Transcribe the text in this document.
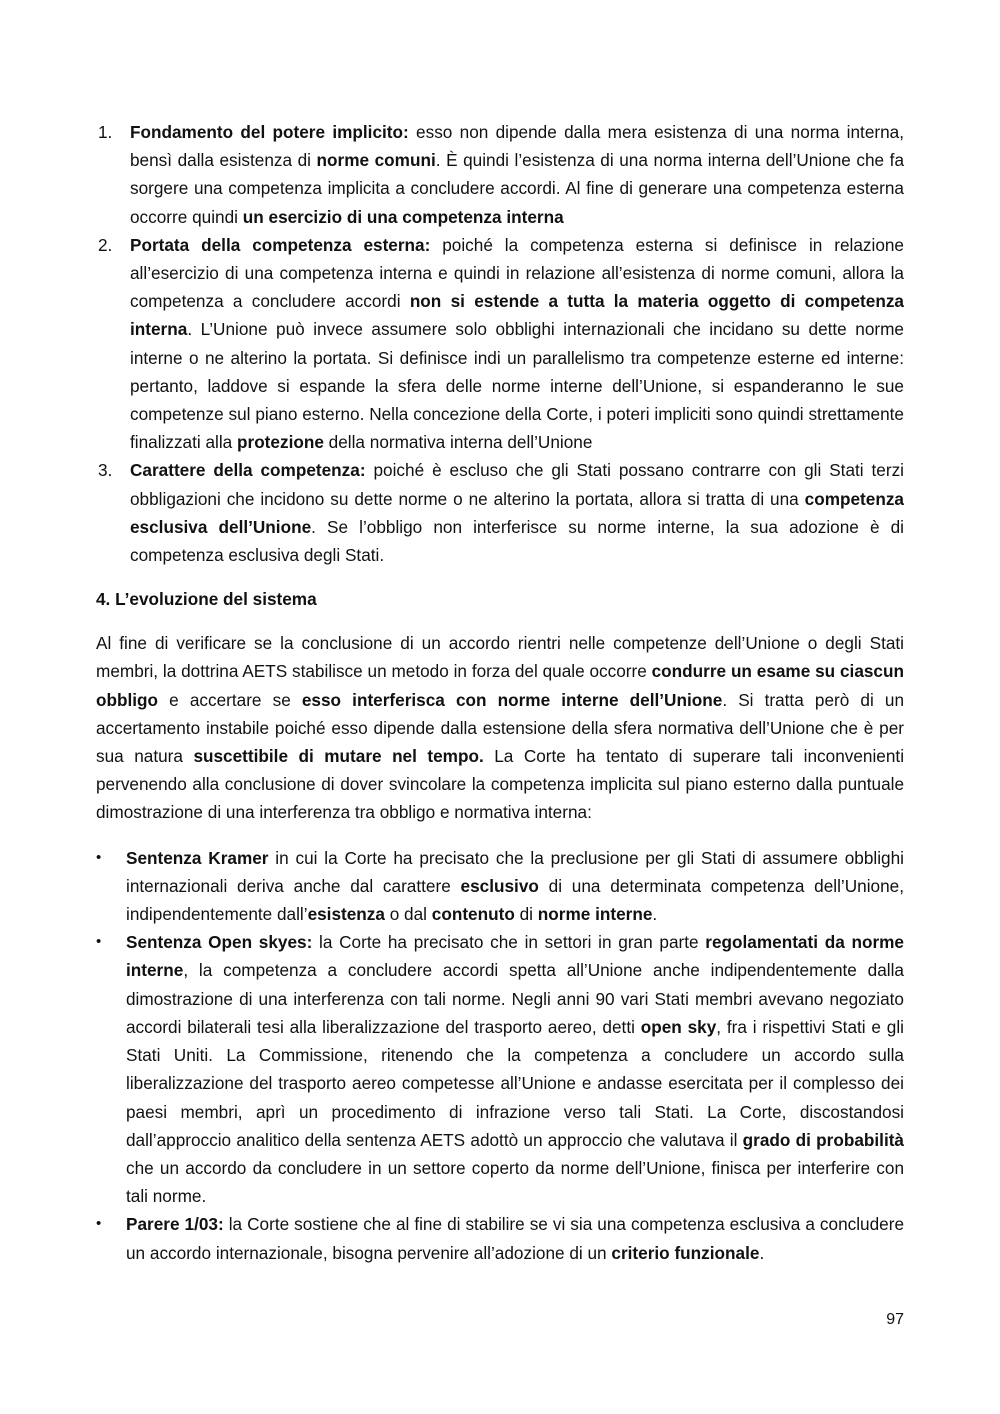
1.	Fondamento del potere implicito: esso non dipende dalla mera esistenza di una norma interna, bensì dalla esistenza di norme comuni. È quindi l’esistenza di una norma interna dell’Unione che fa sorgere una competenza implicita a concludere accordi. Al fine di generare una competenza esterna occorre quindi un esercizio di una competenza interna
2.	Portata della competenza esterna: poiché la competenza esterna si definisce in relazione all’esercizio di una competenza interna e quindi in relazione all’esistenza di norme comuni, allora la competenza a concludere accordi non si estende a tutta la materia oggetto di competenza interna. L’Unione può invece assumere solo obblighi internazionali che incidano su dette norme interne o ne alterino la portata. Si definisce indi un parallelismo tra competenze esterne ed interne: pertanto, laddove si espande la sfera delle norme interne dell’Unione, si espanderanno le sue competenze sul piano esterno. Nella concezione della Corte, i poteri impliciti sono quindi strettamente finalizzati alla protezione della normativa interna dell’Unione
3.	Carattere della competenza: poiché è escluso che gli Stati possano contrarre con gli Stati terzi obbligazioni che incidono su dette norme o ne alterino la portata, allora si tratta di una competenza esclusiva dell’Unione. Se l’obbligo non interferisce su norme interne, la sua adozione è di competenza esclusiva degli Stati.
4. L’evoluzione del sistema

Al fine di verificare se la conclusione di un accordo rientri nelle competenze dell’Unione o degli Stati membri, la dottrina AETS stabilisce un metodo in forza del quale occorre condurre un esame su ciascun obbligo e accertare se esso interferisca con norme interne dell’Unione. Si tratta però di un accertamento instabile poiché esso dipende dalla estensione della sfera normativa dell’Unione che è per sua natura suscettibile di mutare nel tempo. La Corte ha tentato di superare tali inconvenienti pervenendo alla conclusione di dover svincolare la competenza implicita sul piano esterno dalla puntuale dimostrazione di una interferenza tra obbligo e normativa interna:

•	Sentenza Kramer in cui la Corte ha precisato che la preclusione per gli Stati di assumere obblighi internazionali deriva anche dal carattere esclusivo di una determinata competenza dell’Unione, indipendentemente dall’esistenza o dal contenuto di norme interne.
•	Sentenza Open skyes: la Corte ha precisato che in settori in gran parte regolamentati da norme interne, la competenza a concludere accordi spetta all’Unione anche indipendentemente dalla dimostrazione di una interferenza con tali norme. Negli anni 90 vari Stati membri avevano negoziato accordi bilaterali tesi alla liberalizzazione del trasporto aereo, detti open sky, fra i rispettivi Stati e gli Stati Uniti. La Commissione, ritenendo che la competenza a concludere un accordo sulla liberalizzazione del trasporto aereo competesse all’Unione e andasse esercitata per il complesso dei paesi membri, aprì un procedimento di infrazione verso tali Stati. La Corte, discostandosi dall’approccio analitico della sentenza AETS adottò un approccio che valutava il grado di probabilità che un accordo da concludere in un settore coperto da norme dell’Unione, finisca per interferire con tali norme.
•	Parere 1/03: la Corte sostiene che al fine di stabilire se vi sia una competenza esclusiva a concludere un accordo internazionale, bisogna pervenire all’adozione di un criterio funzionale.
97
